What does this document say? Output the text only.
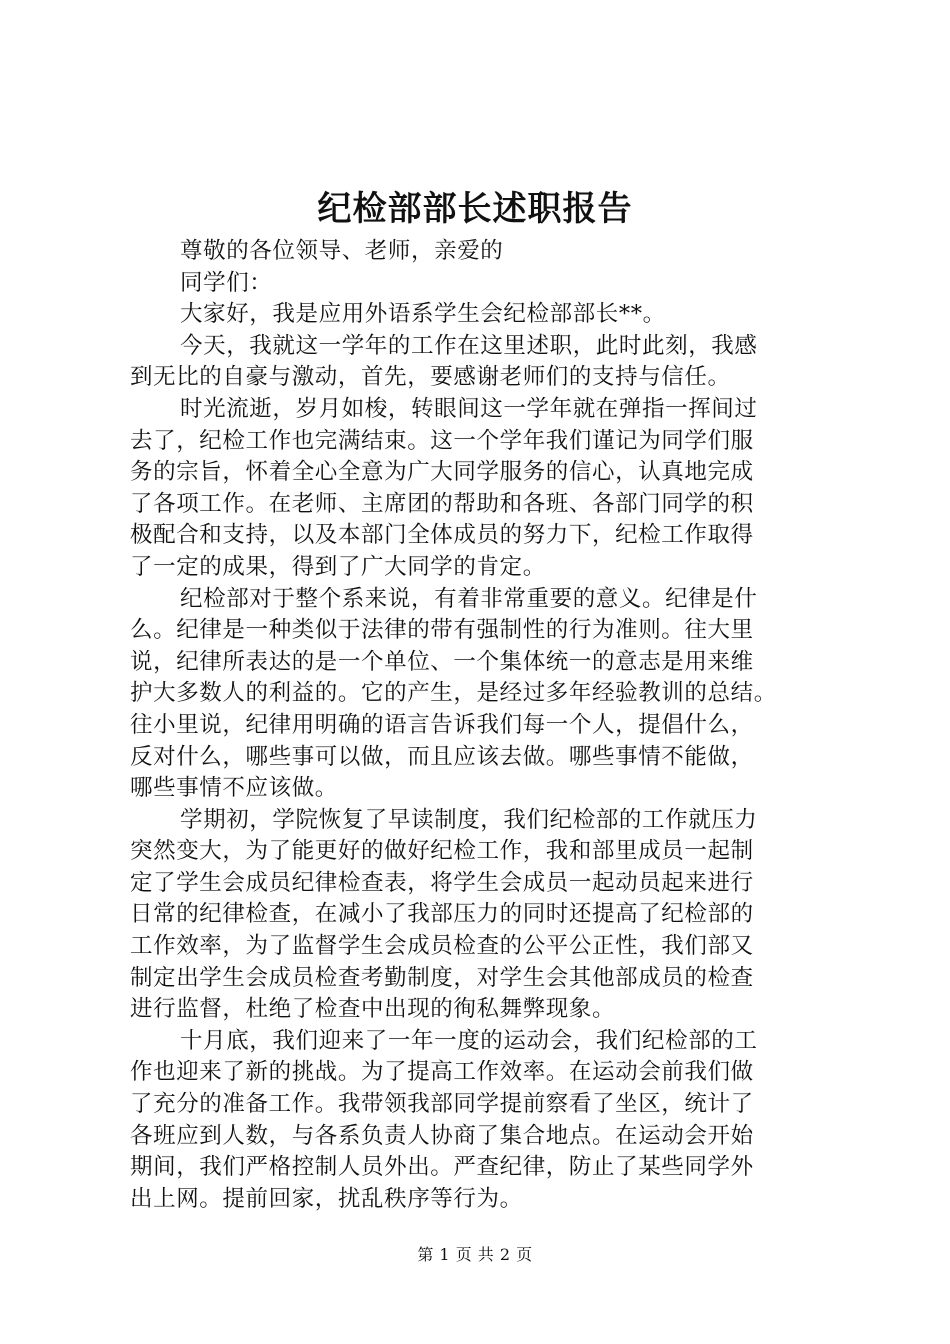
纪检部部长述职报告
尊敬的各位领导、老师，亲爱的
同学们：
大家好，我是应用外语系学生会纪检部部长**。
今天，我就这一学年的工作在这里述职，此时此刻，我感
到无比的自豪与激动，首先，要感谢老师们的支持与信任。
时光流逝，岁月如梭，转眼间这一学年就在弹指一挥间过
去了，纪检工作也完满结束。这一个学年我们谨记为同学们服
务的宗旨，怀着全心全意为广大同学服务的信心，认真地完成
了各项工作。在老师、主席团的帮助和各班、各部门同学的积
极配合和支持，以及本部门全体成员的努力下，纪检工作取得
了一定的成果，得到了广大同学的肯定。
纪检部对于整个系来说，有着非常重要的意义。纪律是什
么。纪律是一种类似于法律的带有强制性的行为准则。往大里
说，纪律所表达的是一个单位、一个集体统一的意志是用来维
护大多数人的利益的。它的产生，是经过多年经验教训的总结。
往小里说，纪律用明确的语言告诉我们每一个人，提倡什么，
反对什么，哪些事可以做，而且应该去做。哪些事情不能做，
哪些事情不应该做。
学期初，学院恢复了早读制度，我们纪检部的工作就压力
突然变大，为了能更好的做好纪检工作，我和部里成员一起制
定了学生会成员纪律检查表，将学生会成员一起动员起来进行
日常的纪律检查，在减小了我部压力的同时还提高了纪检部的
工作效率，为了监督学生会成员检查的公平公正性，我们部又
制定出学生会成员检查考勤制度，对学生会其他部成员的检查
进行监督，杜绝了检查中出现的徇私舞弊现象。
十月底，我们迎来了一年一度的运动会，我们纪检部的工
作也迎来了新的挑战。为了提高工作效率。在运动会前我们做
了充分的准备工作。我带领我部同学提前察看了坐区，统计了
各班应到人数，与各系负责人协商了集合地点。在运动会开始
期间，我们严格控制人员外出。严查纪律，防止了某些同学外
出上网。提前回家，扰乱秩序等行为。
第 1 页 共 2 页
